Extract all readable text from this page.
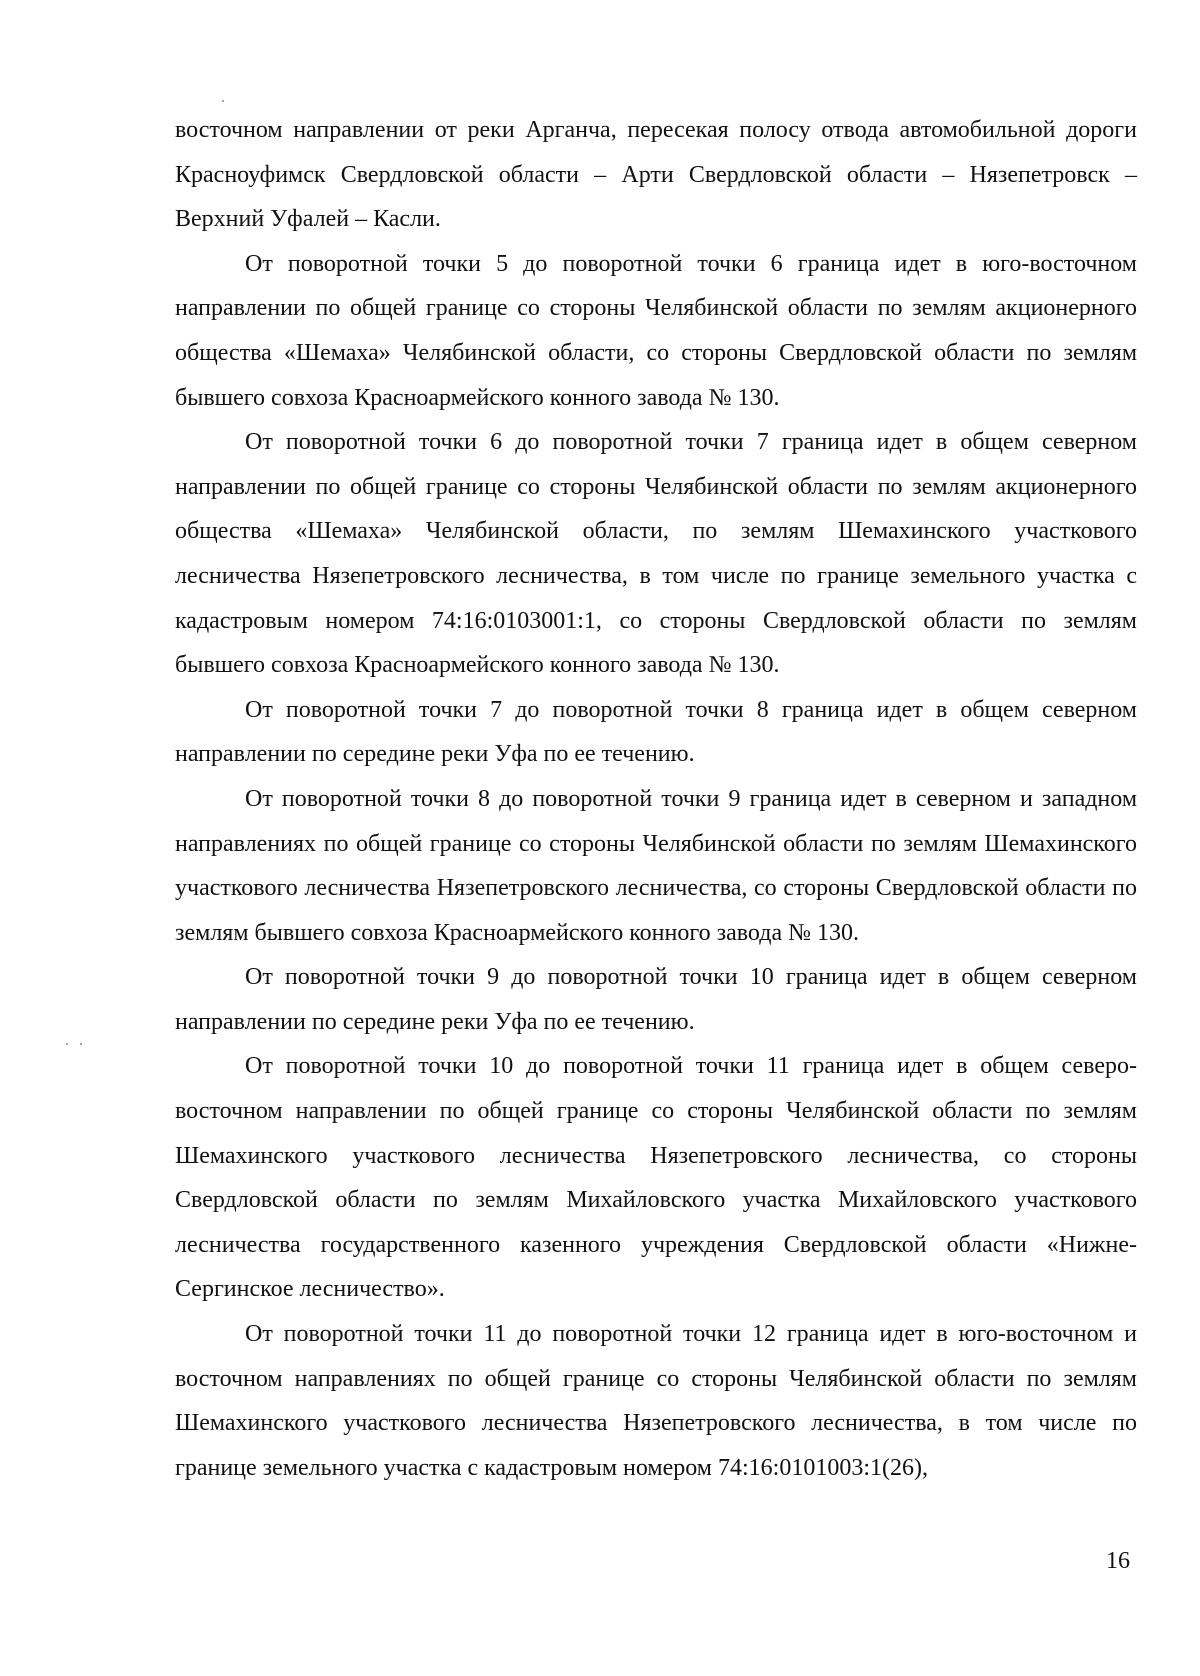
восточном направлении от реки Арганча, пересекая полосу отвода автомобильной дороги Красноуфимск Свердловской области – Арти Свердловской области – Нязепетровск – Верхний Уфалей – Касли.

От поворотной точки 5 до поворотной точки 6 граница идет в юго-восточном направлении по общей границе со стороны Челябинской области по землям акционерного общества «Шемаха» Челябинской области, со стороны Свердловской области по землям бывшего совхоза Красноармейского конного завода № 130.

От поворотной точки 6 до поворотной точки 7 граница идет в общем северном направлении по общей границе со стороны Челябинской области по землям акционерного общества «Шемаха» Челябинской области, по землям Шемахинского участкового лесничества Нязепетровского лесничества, в том числе по границе земельного участка с кадастровым номером 74:16:0103001:1, со стороны Свердловской области по землям бывшего совхоза Красноармейского конного завода № 130.

От поворотной точки 7 до поворотной точки 8 граница идет в общем северном направлении по середине реки Уфа по ее течению.

От поворотной точки 8 до поворотной точки 9 граница идет в северном и западном направлениях по общей границе со стороны Челябинской области по землям Шемахинского участкового лесничества Нязепетровского лесничества, со стороны Свердловской области по землям бывшего совхоза Красноармейского конного завода № 130.

От поворотной точки 9 до поворотной точки 10 граница идет в общем северном направлении по середине реки Уфа по ее течению.

От поворотной точки 10 до поворотной точки 11 граница идет в общем северовосточном направлении по общей границе со стороны Челябинской области по землям Шемахинского участкового лесничества Нязепетровского лесничества, со стороны Свердловской области по землям Михайловского участка Михайловского участкового лесничества государственного казенного учреждения Свердловской области «Нижне-Сергинское лесничество».

От поворотной точки 11 до поворотной точки 12 граница идет в юго-восточном и восточном направлениях по общей границе со стороны Челябинской области по землям Шемахинского участкового лесничества Нязепетровского лесничества, в том числе по границе земельного участка с кадастровым номером 74:16:0101003:1(26),

16
